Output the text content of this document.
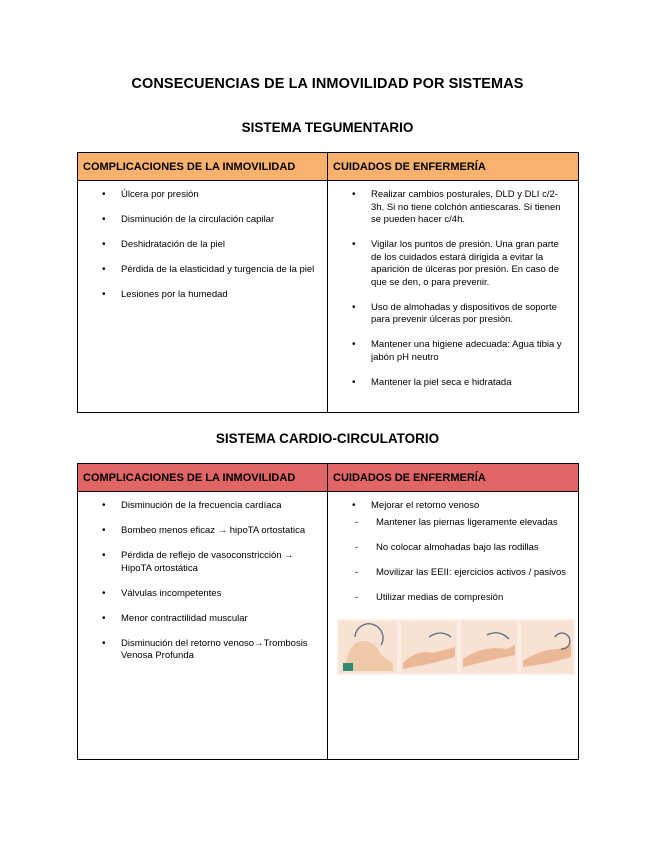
CONSECUENCIAS DE LA INMOVILIDAD POR SISTEMAS
SISTEMA TEGUMENTARIO
COMPLICACIONES DE LA INMOVILIDAD	CUIDADOS DE ENFERMERÍA
• Úlcera por presión
• Disminución de la circulación capilar
• Deshidratación de la piel
• Pérdida de la elasticidad y turgencia de la piel
• Lesiones por la humedad
• Realizar cambios posturales, DLD y DLI c/2-3h. Si no tiene colchón antiescaras. Si tienen se pueden hacer c/4h.
• Vigilar los puntos de presión. Una gran parte de los cuidados estará dirigida a evitar la aparición de úlceras por presión. En caso de que se den, o para prevenir.
• Uso de almohadas y dispositivos de soporte para prevenir úlceras por presión.
• Mantener una higiene adecuada: Agua tibia y jabón pH neutro
• Mantener la piel seca e hidratada
SISTEMA CARDIO-CIRCULATORIO
COMPLICACIONES DE LA INMOVILIDAD	CUIDADOS DE ENFERMERÍA
• Disminución de la frecuencia cardíaca
• Bombeo menos eficaz → hipoTA ortostatica
• Pérdida de reflejo de vasoconstricción → HipoTA ortostática
• Válvulas incompetentes
• Menor contractilidad muscular
• Disminución del retorno venoso→Trombosis Venosa Profunda
• Mejorar el retorno venoso
- Mantener las piernas ligeramente elevadas
- No colocar almohadas bajo las rodillas
- Movilizar las EEII: ejercicios activos / pasivos
- Utilizar medias de compresión
